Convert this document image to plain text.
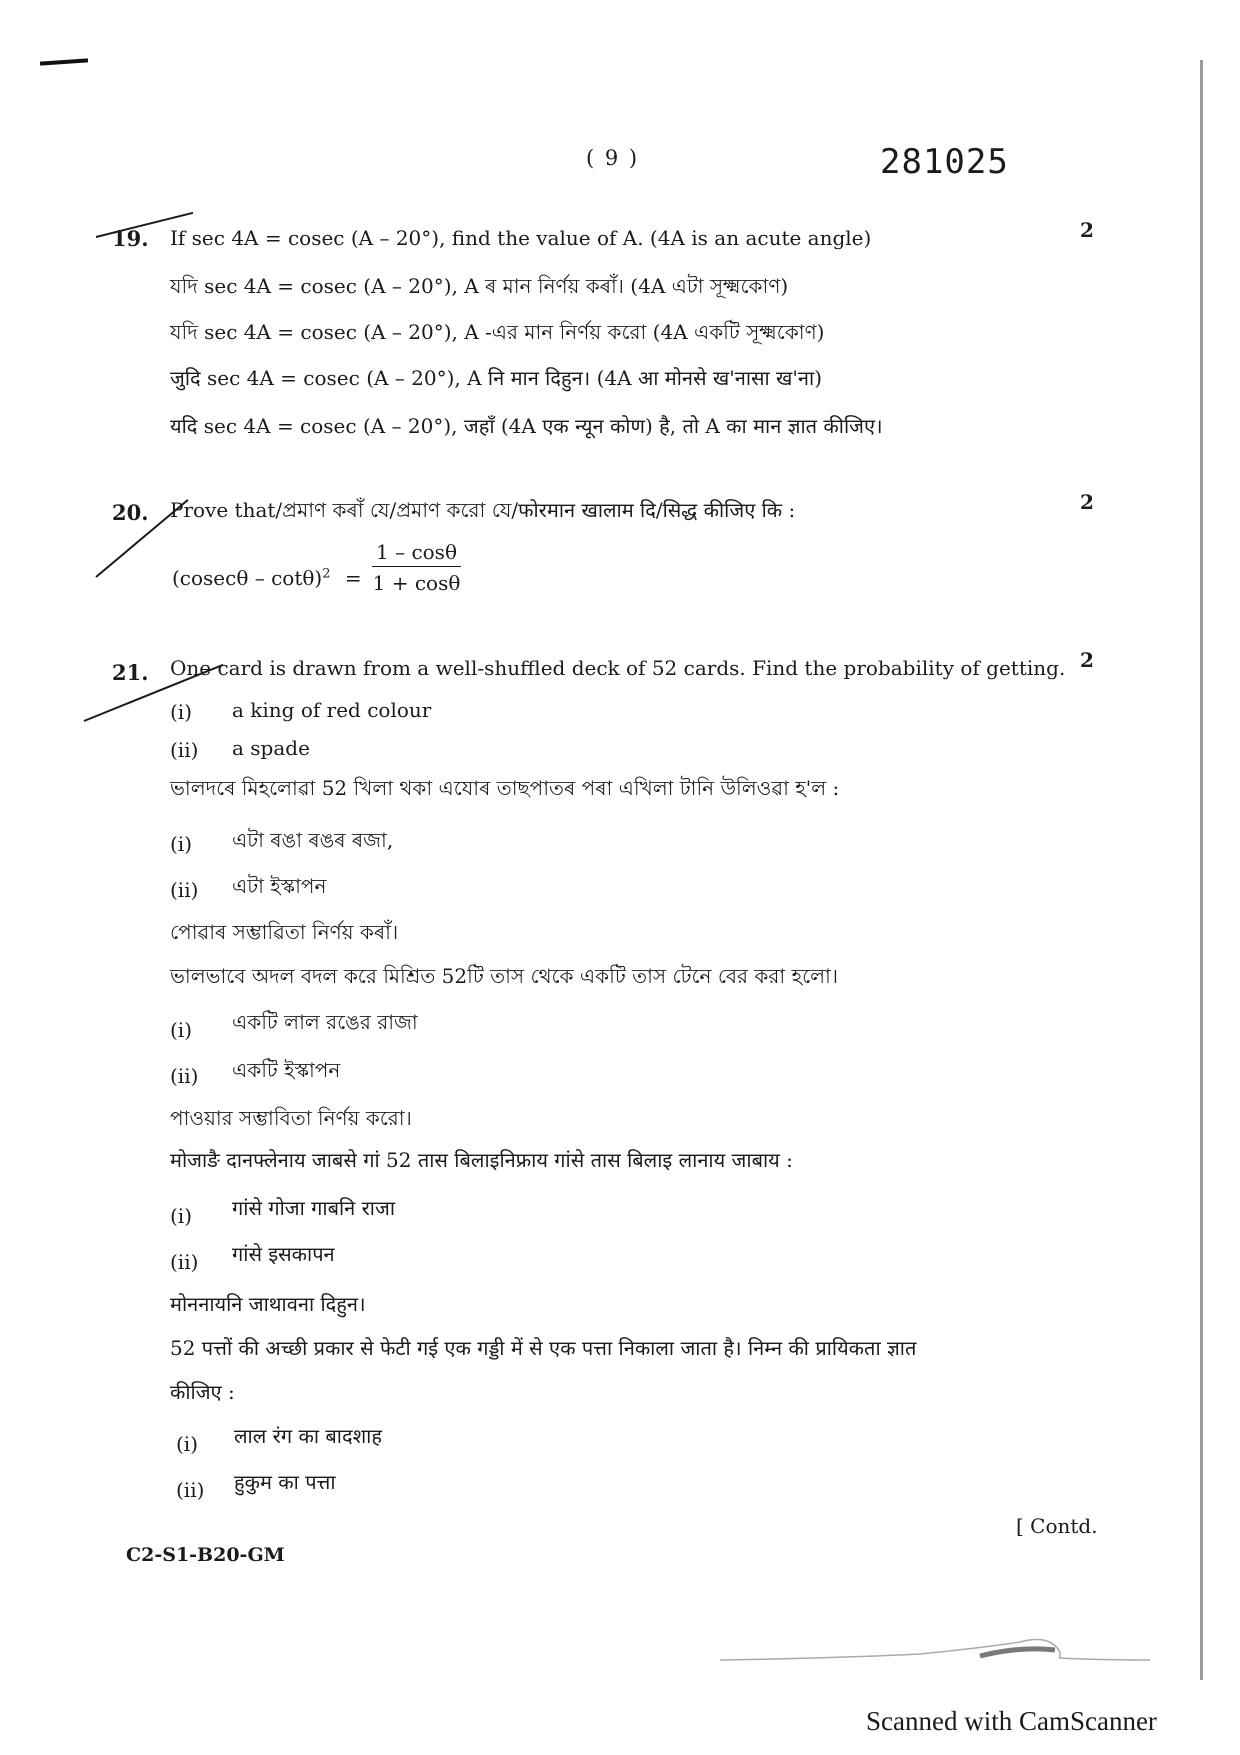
( 9 )	281025
19.	2
If sec 4A = cosec (A – 20°), find the value of A. (4A is an acute angle)
যদি sec 4A = cosec (A – 20°), A ৰ মান নিৰ্ণয় কৰাঁ। (4A এটা সূক্ষ্মকোণ)
যদি sec 4A = cosec (A – 20°), A -এর মান নির্ণয় করো (4A একটি সূক্ষ্মকোণ)
जुदि sec 4A = cosec (A – 20°), A नि मान दिहुन। (4A आ मोनसे ख'नासा ख'ना)
यदि sec 4A = cosec (A – 20°), जहाँ (4A एक न्यून कोण) है, तो A का मान ज्ञात कीजिए।
20.	2
Prove that/প্ৰমাণ কৰাঁ যে/প্রমাণ করো যে/फोरमान खालाम दि/सिद्ध कीजिए कि :
$(cosec\theta - \cot\theta)^2 = \frac{1 - \cos\theta}{1 + \cos\theta}$
21.	2
One card is drawn from a well-shuffled deck of 52 cards. Find the probability of getting.
(i) a king of red colour
(ii) a spade
ভালদৰে মিহলোৱা 52 খিলা থকা এযোৰ তাছপাতৰ পৰা এখিলা টানি উলিওৱা হ'ল :
(i) এটা ৰঙা ৰঙৰ ৰজা,
(ii) এটা ইস্কাপন
পোৱাৰ সম্ভাৱিতা নিৰ্ণয় কৰাঁ।
ভালভাবে অদল বদল করে মিশ্রিত 52টি তাস থেকে একটি তাস টেনে বের করা হলো।
(i) একটি লাল রঙের রাজা
(ii) একটি ইস্কাপন
পাওয়ার সম্ভাবিতা নির্ণয় করো।
मोजाङै दानफ्लेनाय जाबसे गां 52 तास बिलाइनिफ्राय गांसे तास बिलाइ लानाय जाबाय :
(i) गांसे गोजा गाबनि राजा
(ii) गांसे इसकापन
मोननायनि जाथावना दिहुन।
52 पत्तों की अच्छी प्रकार से फेटी गई एक गड्डी में से एक पत्ता निकाला जाता है। निम्न की प्रायिकता ज्ञात
कीजिए :
(i) लाल रंग का बादशाह
(ii) हुकुम का पत्ता
[ Contd.
C2-S1-B20-GM
Scanned with CamScanner
